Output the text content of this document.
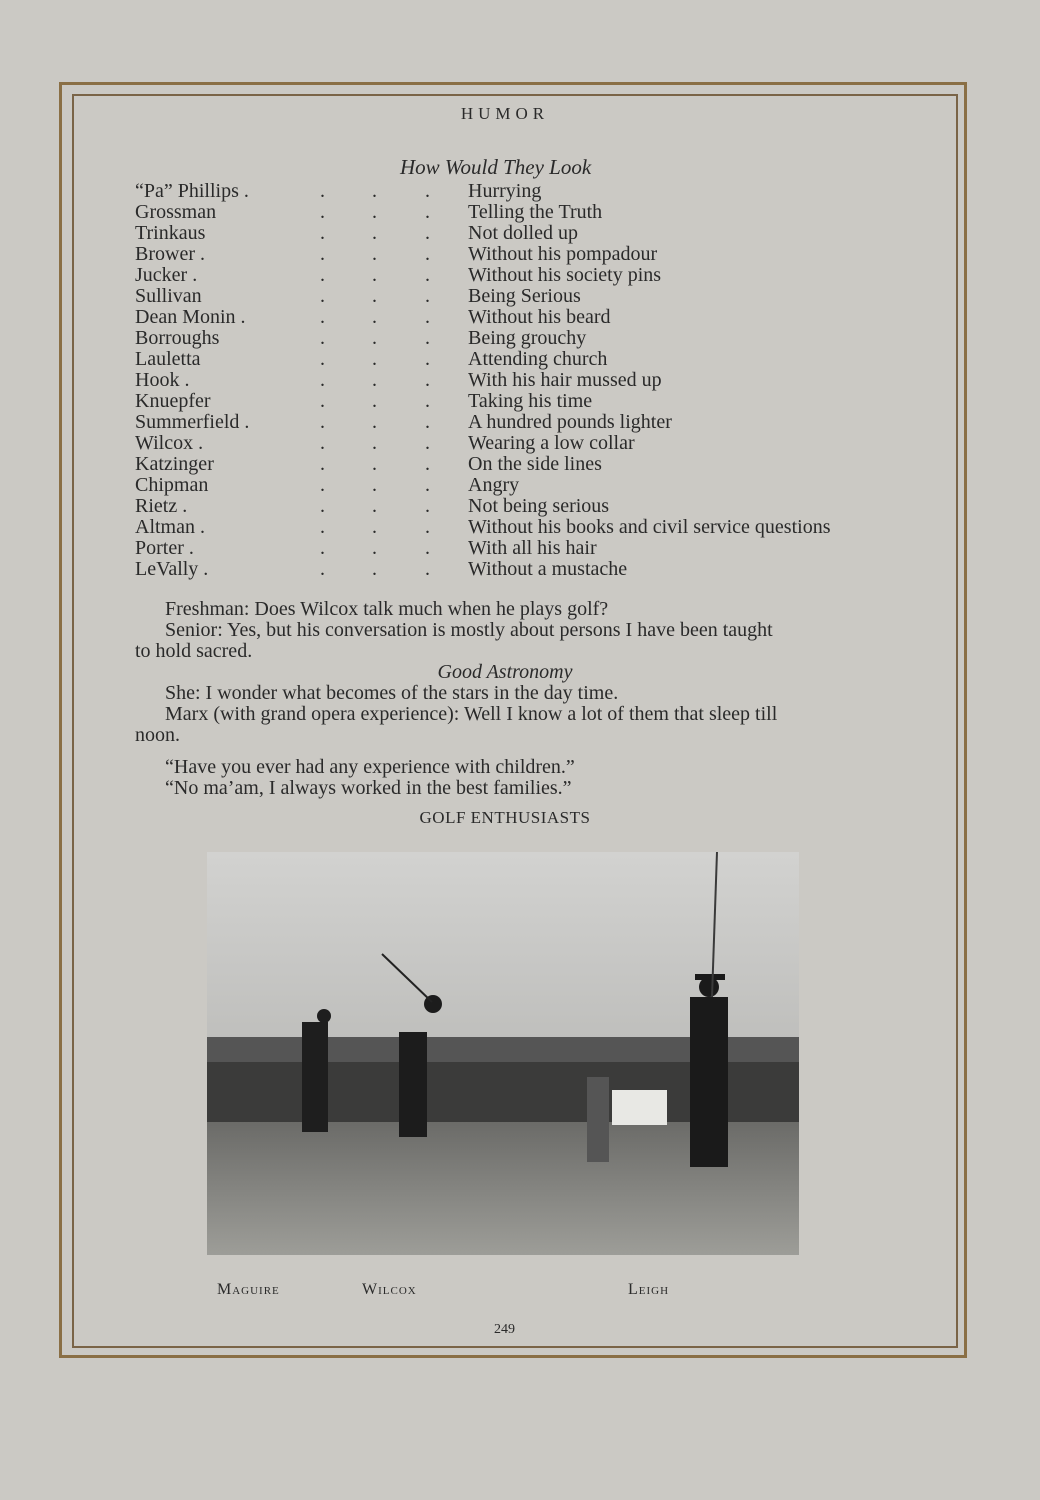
HUMOR
How Would They Look
“Pa” Phillips .	. . . Hurrying
Grossman	. . . Telling the Truth
Trinkaus	. . . Not dolled up
Brower .	. . . Without his pompadour
Jucker .	. . . Without his society pins
Sullivan	. . . Being Serious
Dean Monin .	. . . Without his beard
Borroughs	. . . Being grouchy
Lauletta	. . . Attending church
Hook .	. . . With his hair mussed up
Knuepfer	. . . Taking his time
Summerfield .	. . . A hundred pounds lighter
Wilcox .	. . . Wearing a low collar
Katzinger	. . . On the side lines
Chipman	. . . Angry
Rietz .	. . . Not being serious
Altman .	. . . Without his books and civil service questions
Porter .	. . . With all his hair
LeVally .	. . . Without a mustache
Freshman: Does Wilcox talk much when he plays golf?
Senior: Yes, but his conversation is mostly about persons I have been taught
to hold sacred.
Good Astronomy
She: I wonder what becomes of the stars in the day time.
Marx (with grand opera experience): Well I know a lot of them that sleep till
noon.
“Have you ever had any experience with children.”
“No ma’am, I always worked in the best families.”
GOLF ENTHUSIASTS
Maguire	Wilcox	Leigh
249
